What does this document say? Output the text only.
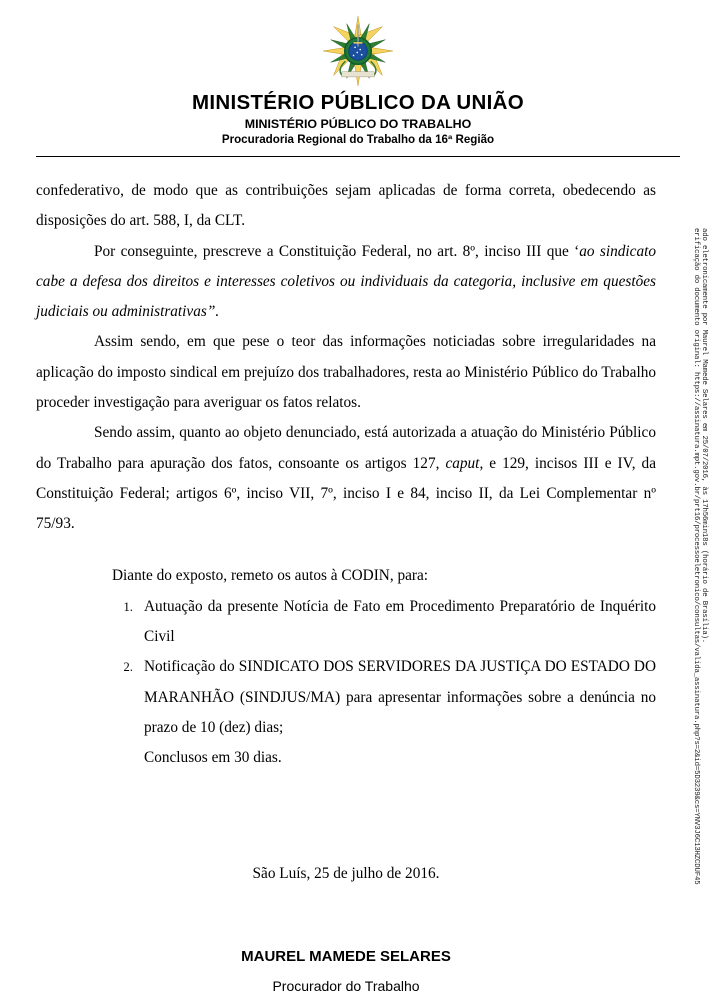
MINISTÉRIO PÚBLICO DA UNIÃO
MINISTÉRIO PÚBLICO DO TRABALHO
Procuradoria Regional do Trabalho da 16ª Região

confederativo, de modo que as contribuições sejam aplicadas de forma correta, obedecendo as disposições do art. 588, I, da CLT.

Por conseguinte, prescreve a Constituição Federal, no art. 8º, inciso III que ‘ao sindicato cabe a defesa dos direitos e interesses coletivos ou individuais da categoria, inclusive em questões judiciais ou administrativas”.

Assim sendo, em que pese o teor das informações noticiadas sobre irregularidades na aplicação do imposto sindical em prejuízo dos trabalhadores, resta ao Ministério Público do Trabalho proceder investigação para averiguar os fatos relatos.

Sendo assim, quanto ao objeto denunciado, está autorizada a atuação do Ministério Público do Trabalho para apuração dos fatos, consoante os artigos 127, caput, e 129, incisos III e IV, da Constituição Federal; artigos 6º, inciso VII, 7º, inciso I e 84, inciso II, da Lei Complementar nº 75/93.

Diante do exposto, remeto os autos à CODIN, para:
1. Autuação da presente Notícia de Fato em Procedimento Preparatório de Inquérito Civil
2. Notificação do SINDICATO DOS SERVIDORES DA JUSTIÇA DO ESTADO DO MARANHÃO (SINDJUS/MA) para apresentar informações sobre a denúncia no prazo de 10 (dez) dias;
Conclusos em 30 dias.
São Luís, 25 de julho de 2016.
MAUREL MAMEDE SELARES
Procurador do Trabalho
ado eletronicamente por Maurel Mamede Selares em 25/07/2016, às 17h56min18s (horário de Brasília).
erificação do documento original: https://assinatura.mpt.gov.br/prt16/processoeletronico/consultas/valida_assinatura.php?s=2&id=5D3239&cs=YNV3J6C13HZCDUF45
